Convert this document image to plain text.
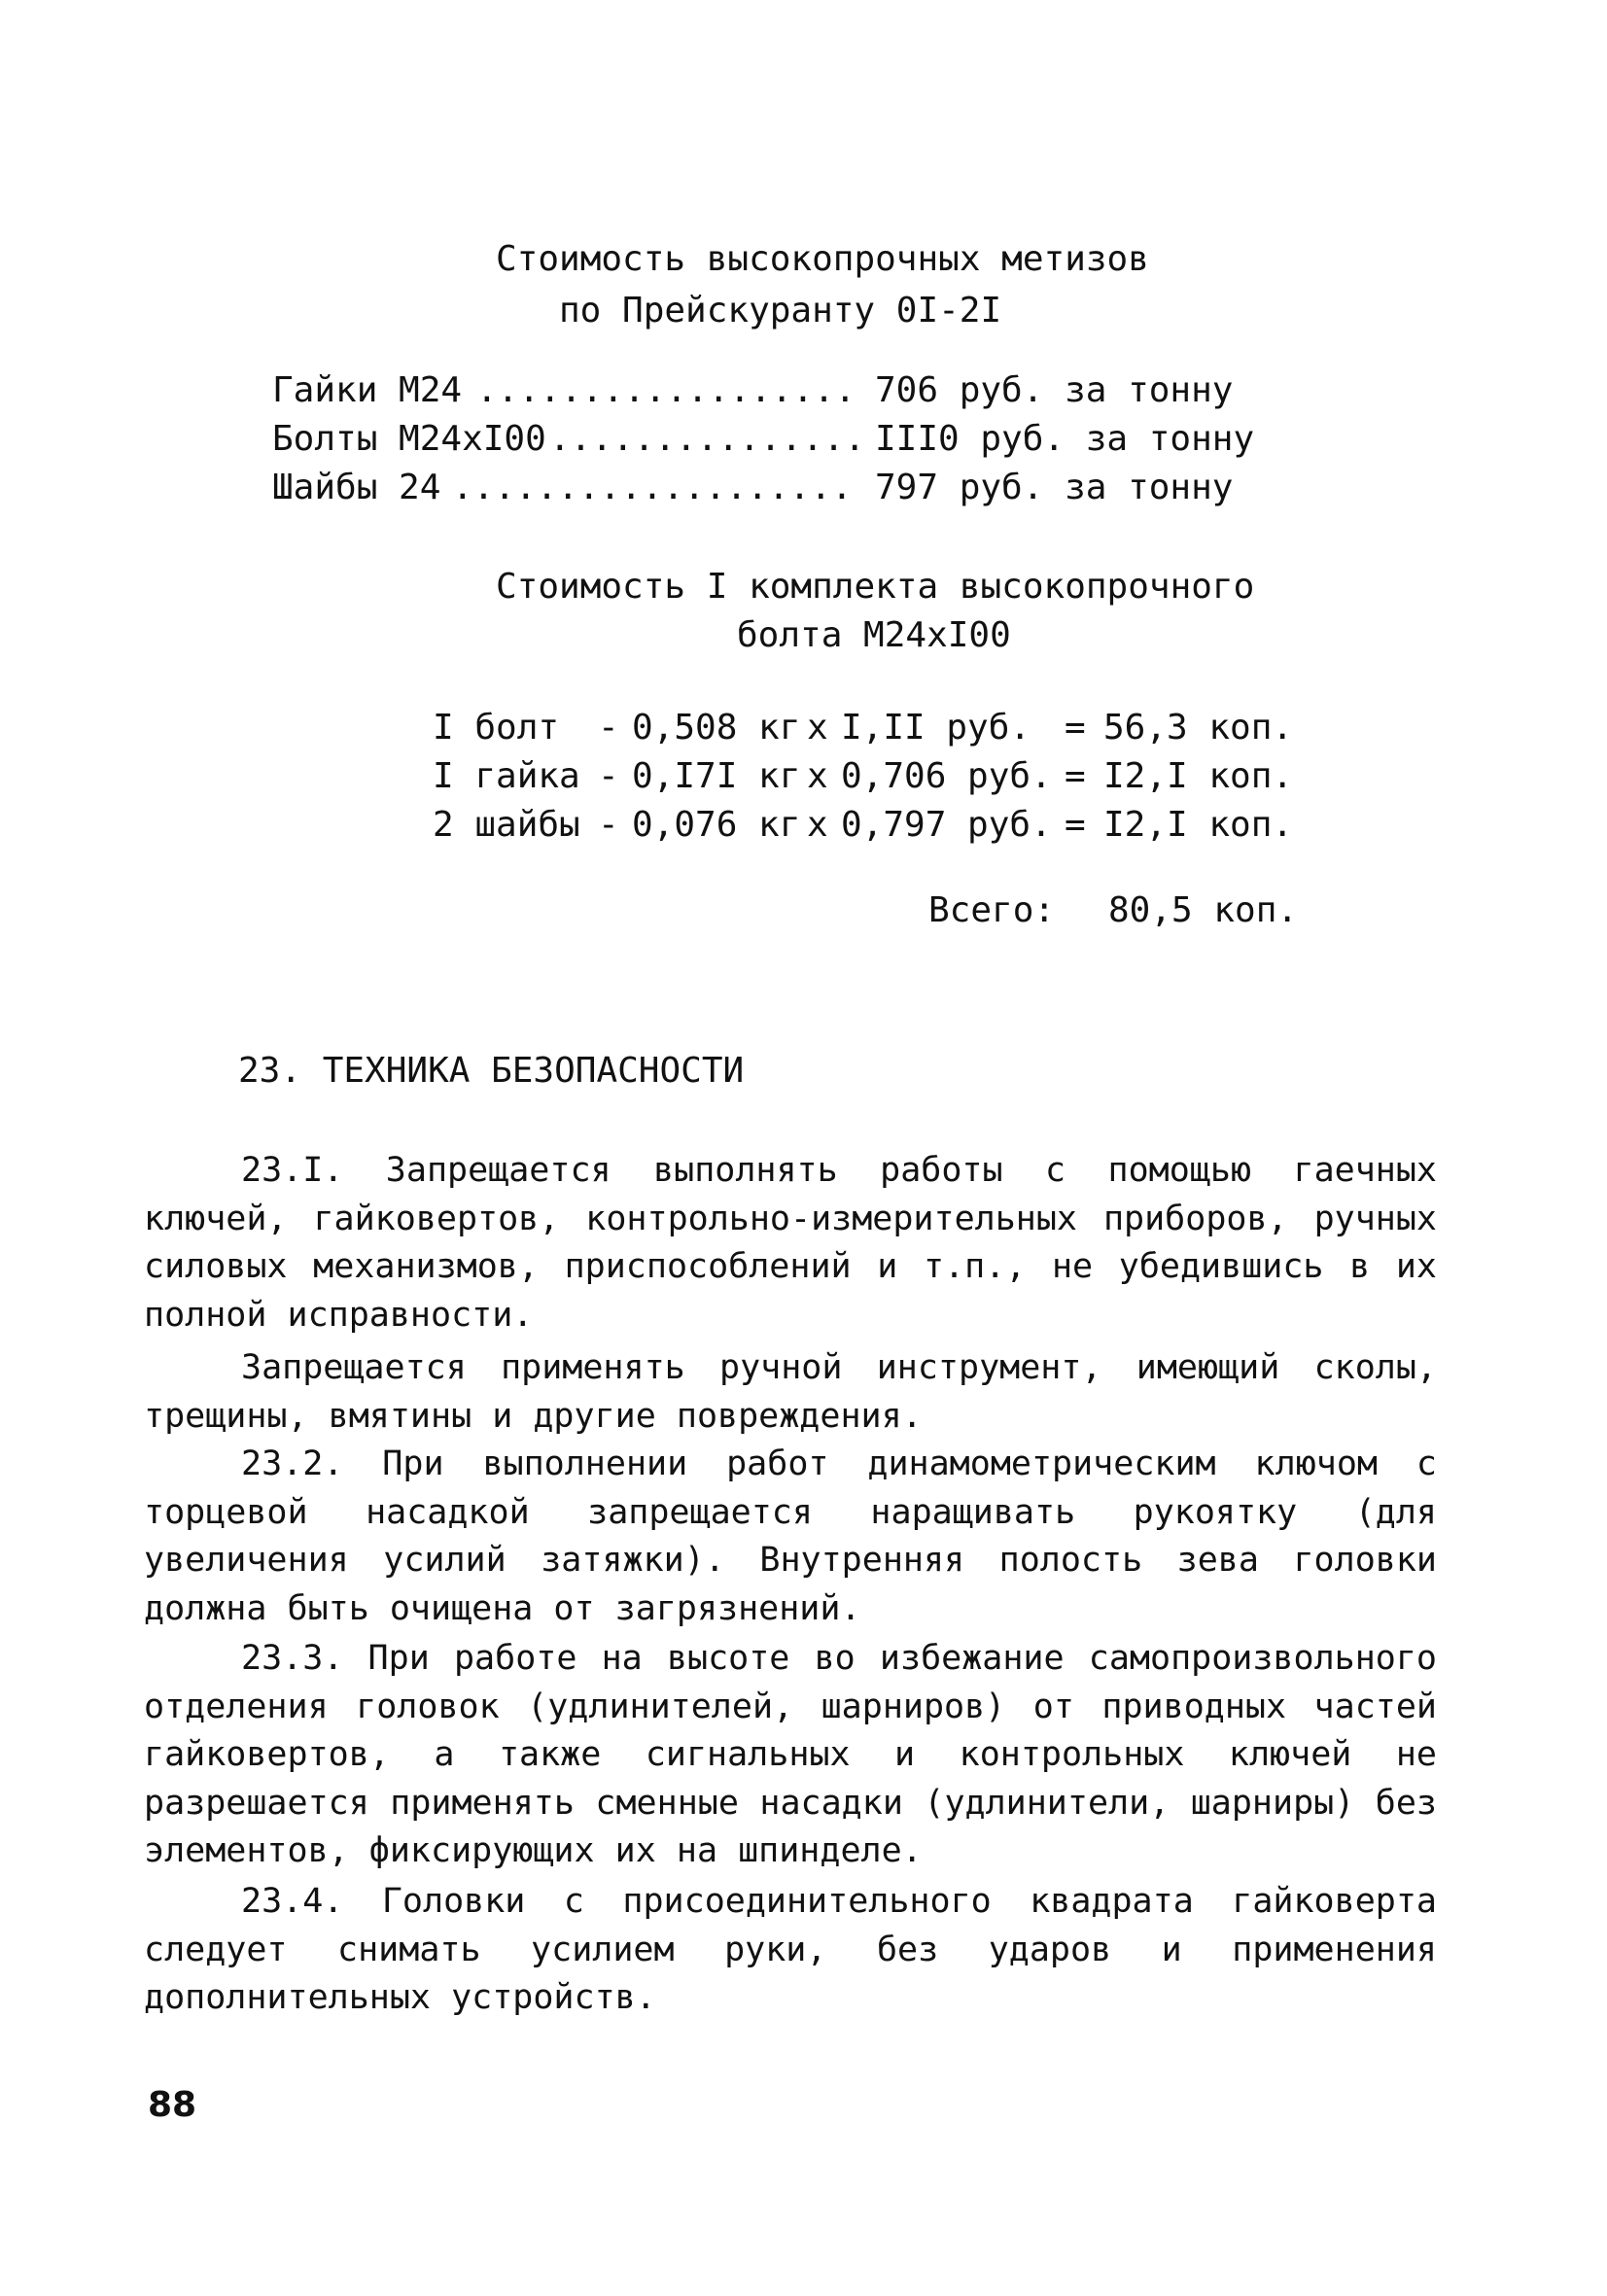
Стоимость высокопрочных метизов
по Прейскуранту 0I-2I

Гайки М24

..................

706 руб. за тонну

Болты М24xI00

...............

III0 руб. за тонну

Шайбы 24

...................

797 руб. за тонну

Стоимость I комплекта высокопрочного
болта М24xI00

I болт

-

0,508 кг

x

I,II руб.

=

56,3 коп.

I гайка

-

0,I7I кг

x

0,706 руб.

=

I2,I коп.

2 шайбы

-

0,076 кг

x

0,797 руб.

=

I2,I коп.

Всего: 80,5 коп.
23. ТЕХНИКА БЕЗОПАСНОСТИ
23.I. Запрещается выполнять работы с помощью гаечных ключей, гайковертов, контрольно-измерительных приборов, ручных силовых механизмов, приспособлений и т.п., не убедившись в их полной исправности.
Запрещается применять ручной инструмент, имеющий сколы, трещины, вмятины и другие повреждения.
23.2. При выполнении работ динамометрическим ключом с торцевой насадкой запрещается наращивать рукоятку (для увеличения усилий затяжки). Внутренняя полость зева головки должна быть очищена от загрязнений.
23.3. При работе на высоте во избежание самопроизвольного отделения головок (удлинителей, шарниров) от приводных частей гайковертов, а также сигнальных и контрольных ключей не разрешается применять сменные насадки (удлинители, шарниры) без элементов, фиксирующих их на шпинделе.
23.4. Головки с присоединительного квадрата гайковерта следует снимать усилием руки, без ударов и применения дополнительных устройств.
88
